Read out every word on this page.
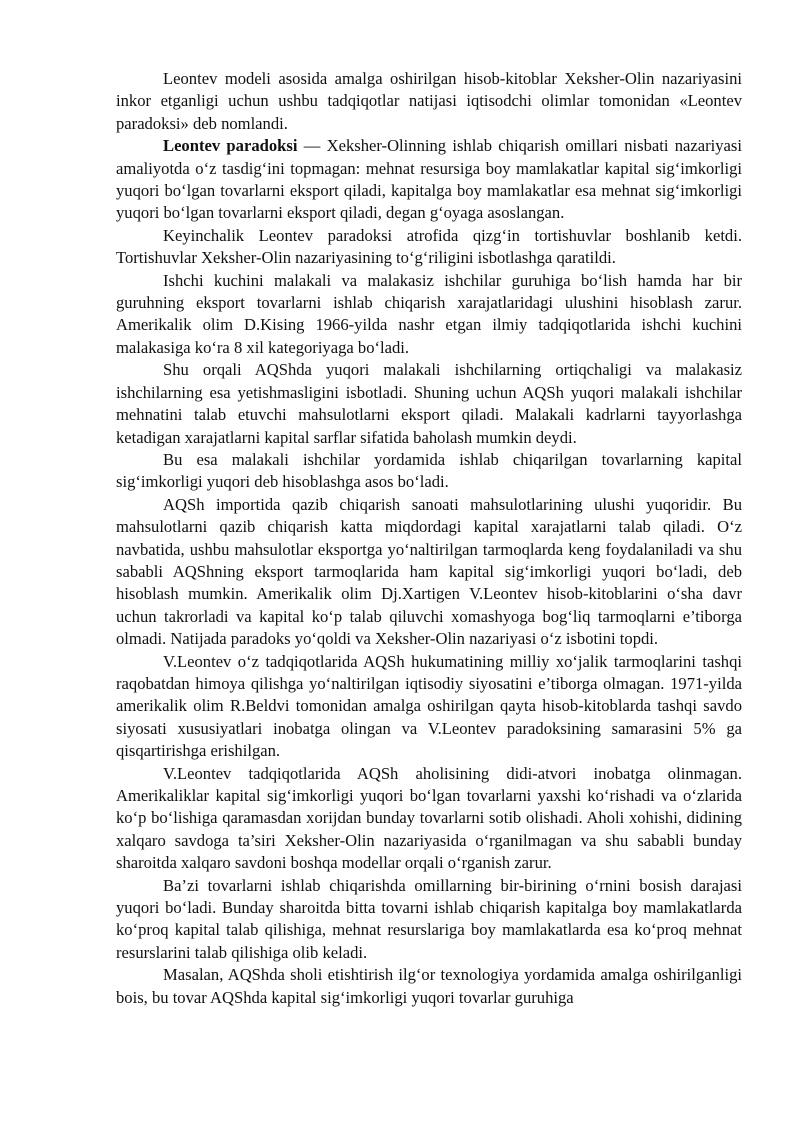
Leontev modeli asosida amalga oshirilgan hisob-kitoblar Xeksher-Olin nazariyasini inkor etganligi uchun ushbu tadqiqotlar natijasi iqtisodchi olimlar tomonidan «Leontev paradoksi» deb nomlandi.

Leontev paradoksi — Xeksher-Olinning ishlab chiqarish omillari nisbati nazariyasi amaliyotda o‘z tasdig‘ini topmagan: mehnat resursiga boy mamlakatlar kapital sig‘imkorligi yuqori bo‘lgan tovarlarni eksport qiladi, kapitalga boy mamlakatlar esa mehnat sig‘imkorligi yuqori bo‘lgan tovarlarni eksport qiladi, degan g‘oyaga asoslangan.

Keyinchalik Leontev paradoksi atrofida qizg‘in tortishuvlar boshlanib ketdi. Tortishuvlar Xeksher-Olin nazariyasining to‘g‘riligini isbotlashga qaratildi.

Ishchi kuchini malakali va malakasiz ishchilar guruhiga bo‘lish hamda har bir guruhning eksport tovarlarni ishlab chiqarish xarajatlaridagi ulushini hisoblash zarur. Amerikalik olim D.Kising 1966-yilda nashr etgan ilmiy tadqiqotlarida ishchi kuchini malakasiga ko‘ra 8 xil kategoriyaga bo‘ladi.

Shu orqali AQShda yuqori malakali ishchilarning ortiqchaligi va malakasiz ishchilarning esa yetishmasligini isbotladi. Shuning uchun AQSh yuqori malakali ishchilar mehnatini talab etuvchi mahsulotlarni eksport qiladi. Malakali kadrlarni tayyorlashga ketadigan xarajatlarni kapital sarflar sifatida baholash mumkin deydi.

Bu esa malakali ishchilar yordamida ishlab chiqarilgan tovarlarning kapital sig‘imkorligi yuqori deb hisoblashga asos bo‘ladi.

AQSh importida qazib chiqarish sanoati mahsulotlarining ulushi yuqoridir. Bu mahsulotlarni qazib chiqarish katta miqdordagi kapital xarajatlarni talab qiladi. O‘z navbatida, ushbu mahsulotlar eksportga yo‘naltirilgan tarmoqlarda keng foydalaniladi va shu sababli AQShning eksport tarmoqlarida ham kapital sig‘imkorligi yuqori bo‘ladi, deb hisoblash mumkin. Amerikalik olim Dj.Xartigen V.Leontev hisob-kitoblarini o‘sha davr uchun takrorladi va kapital ko‘p talab qiluvchi xomashyoga bog‘liq tarmoqlarni e’tiborga olmadi. Natijada paradoks yo‘qoldi va Xeksher-Olin nazariyasi o‘z isbotini topdi.

V.Leontev o‘z tadqiqotlarida AQSh hukumatining milliy xo‘jalik tarmoqlarini tashqi raqobatdan himoya qilishga yo‘naltirilgan iqtisodiy siyosatini e’tiborga olmagan. 1971-yilda amerikalik olim R.Beldvi tomonidan amalga oshirilgan qayta hisob-kitoblarda tashqi savdo siyosati xususiyatlari inobatga olingan va V.Leontev paradoksining samarasini 5% ga qisqartirishga erishilgan.

V.Leontev tadqiqotlarida AQSh aholisining didi-atvori inobatga olinmagan. Amerikaliklar kapital sig‘imkorligi yuqori bo‘lgan tovarlarni yaxshi ko‘rishadi va o‘zlarida ko‘p bo‘lishiga qaramasdan xorijdan bunday tovarlarni sotib olishadi. Aholi xohishi, didining xalqaro savdoga ta’siri Xeksher-Olin nazariyasida o‘rganilmagan va shu sababli bunday sharoitda xalqaro savdoni boshqa modellar orqali o‘rganish zarur.

Ba’zi tovarlarni ishlab chiqarishda omillarning bir-birining o‘rnini bosish darajasi yuqori bo‘ladi. Bunday sharoitda bitta tovarni ishlab chiqarish kapitalga boy mamlakatlarda ko‘proq kapital talab qilishiga, mehnat resurslariga boy mamlakatlarda esa ko‘proq mehnat resurslarini talab qilishiga olib keladi.

Masalan, AQShda sholi etishtirish ilg‘or texnologiya yordamida amalga oshirilganligi bois, bu tovar AQShda kapital sig‘imkorligi yuqori tovarlar guruhiga
